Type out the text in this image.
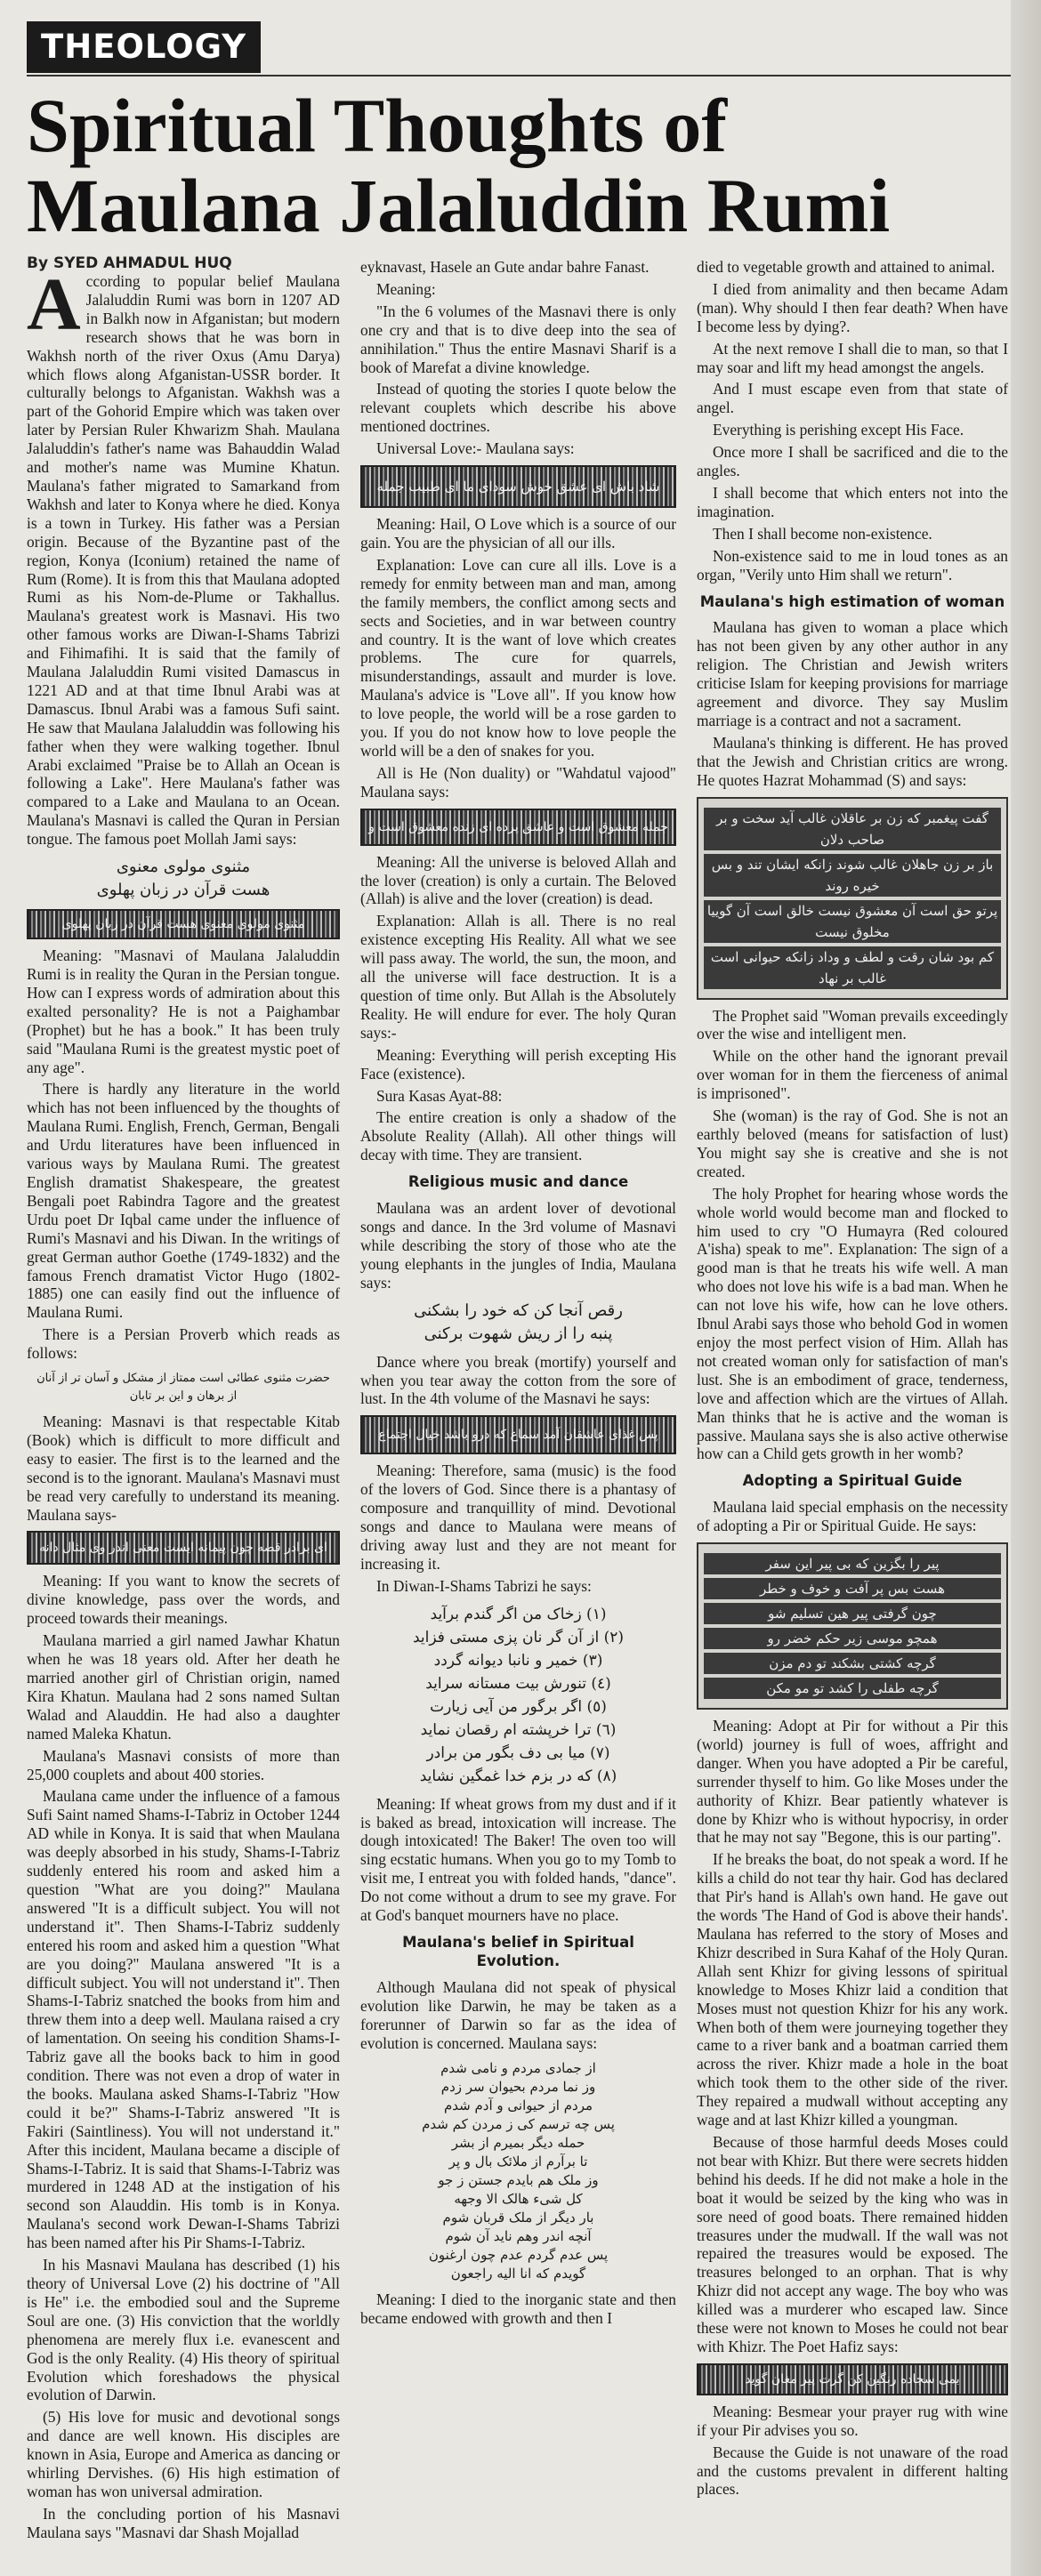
THEOLOGY
Spiritual Thoughts of Maulana Jalaluddin Rumi
By SYED AHMADUL HUQ

According to popular belief Maulana Jalaluddin Rumi was born in 1207 AD in Balkh now in Afganistan; but modern research shows that he was born in Wakhsh north of the river Oxus (Amu Darya) which flows along Afganistan-USSR border. It culturally belongs to Afganistan. Wakhsh was a part of the Gohorid Empire which was taken over later by Persian Ruler Khwarizm Shah. Maulana Jalaluddin's father's name was Bahauddin Walad and mother's name was Mumine Khatun. Maulana's father migrated to Samarkand from Wakhsh and later to Konya where he died. Konya is a town in Turkey. His father was a Persian origin. Because of the Byzantine past of the region, Konya (Iconium) retained the name of Rum (Rome). It is from this that Maulana adopted Rumi as his Nom-de-Plume or Takhallus. Maulana's greatest work is Masnavi. His two other famous works are Diwan-I-Shams Tabrizi and Fihimafihi. It is said that the family of Maulana Jalaluddin Rumi visited Damascus in 1221 AD and at that time Ibnul Arabi was at Damascus. Ibnul Arabi was a famous Sufi saint. He saw that Maulana Jalaluddin was following his father when they were walking together. Ibnul Arabi exclaimed "Praise be to Allah an Ocean is following a Lake". Here Maulana's father was compared to a Lake and Maulana to an Ocean. Maulana's Masnavi is called the Quran in Persian tongue. The famous poet Mollah Jami says:

مثنوی مولوی معنوی
هست قرآن در زبان پهلوی
مثنوی مولوی معنوی هست قرآن در زبان پهلوی

Meaning: "Masnavi of Maulana Jalaluddin Rumi is in reality the Quran in the Persian tongue. How can I express words of admiration about this exalted personality? He is not a Paighambar (Prophet) but he has a book." It has been truly said "Maulana Rumi is the greatest mystic poet of any age".

There is hardly any literature in the world which has not been influenced by the thoughts of Maulana Rumi. English, French, German, Bengali and Urdu literatures have been influenced in various ways by Maulana Rumi. The greatest English dramatist Shakespeare, the greatest Bengali poet Rabindra Tagore and the greatest Urdu poet Dr Iqbal came under the influence of Rumi's Masnavi and his Diwan. In the writings of great German author Goethe (1749-1832) and the famous French dramatist Victor Hugo (1802-1885) one can easily find out the influence of Maulana Rumi.

There is a Persian Proverb which reads as follows:

حضرت مثنوی عطائی است ممتاز از مشکل و آسان تر از آنان
از برهان و این بر تابان

Meaning: Masnavi is that respectable Kitab (Book) which is difficult to more difficult and easy to easier. The first is to the learned and the second is to the ignorant. Maulana's Masnavi must be read very carefully to understand its meaning. Maulana says-

ای برادر قصه چون پیمانه ایست معنی اندر وی مثال دانه

Meaning: If you want to know the secrets of divine knowledge, pass over the words, and proceed towards their meanings.

Maulana married a girl named Jawhar Khatun when he was 18 years old. After her death he married another girl of Christian origin, named Kira Khatun. Maulana had 2 sons named Sultan Walad and Alauddin. He had also a daughter named Maleka Khatun.

Maulana's Masnavi consists of more than 25,000 couplets and about 400 stories.

Maulana came under the influence of a famous Sufi Saint named Shams-I-Tabriz in October 1244 AD while in Konya. It is said that when Maulana was deeply absorbed in his study, Shams-I-Tabriz suddenly entered his room and asked him a question "What are you doing?" Maulana answered "It is a difficult subject. You will not understand it". Then Shams-I-Tabriz suddenly entered his room and asked him a question "What are you doing?" Maulana answered "It is a difficult subject. You will not understand it". Then Shams-I-Tabriz snatched the books from him and threw them into a deep well. Maulana raised a cry of lamentation. On seeing his condition Shams-I-Tabriz gave all the books back to him in good condition. There was not even a drop of water in the books. Maulana asked Shams-I-Tabriz "How could it be?" Shams-I-Tabriz answered "It is Fakiri (Saintliness). You will not understand it." After this incident, Maulana became a disciple of Shams-I-Tabriz. It is said that Shams-I-Tabriz was murdered in 1248 AD at the instigation of his second son Alauddin. His tomb is in Konya. Maulana's second work Dewan-I-Shams Tabrizi has been named after his Pir Shams-I-Tabriz.

In his Masnavi Maulana has described (1) his theory of Universal Love (2) his doctrine of "All is He" i.e. the embodied soul and the Supreme Soul are one. (3) His conviction that the worldly phenomena are merely flux i.e. evanescent and God is the only Reality. (4) His theory of spiritual Evolution which foreshadows the physical evolution of Darwin.

(5) His love for music and devotional songs and dance are well known. His disciples are known in Asia, Europe and America as dancing or whirling Dervishes. (6) His high estimation of woman has won universal admiration.

In the concluding portion of his Masnavi Maulana says "Masnavi dar Shash Mojallad

eyknavast, Hasele an Gute andar bahre Fanast.

Meaning:

"In the 6 volumes of the Masnavi there is only one cry and that is to dive deep into the sea of annihilation." Thus the entire Masnavi Sharif is a book of Marefat a divine knowledge.

Instead of quoting the stories I quote below the relevant couplets which describe his above mentioned doctrines.

Universal Love:- Maulana says:

شاد باش ای عشق خوش سودای ما ای طبیب جمله

Meaning: Hail, O Love which is a source of our gain. You are the physician of all our ills.

Explanation: Love can cure all ills. Love is a remedy for enmity between man and man, among the family members, the conflict among sects and sects and Societies, and in war between country and country. It is the want of love which creates problems. The cure for quarrels, misunderstandings, assault and murder is love. Maulana's advice is "Love all". If you know how to love people, the world will be a rose garden to you. If you do not know how to love people the world will be a den of snakes for you.

All is He (Non duality) or "Wahdatul vajood" Maulana says:

جمله معشوق است و عاشق پرده ای زنده معشوق است و

Meaning: All the universe is beloved Allah and the lover (creation) is only a curtain. The Beloved (Allah) is alive and the lover (creation) is dead.

Explanation: Allah is all. There is no real existence excepting His Reality. All what we see will pass away. The world, the sun, the moon, and all the universe will face destruction. It is a question of time only. But Allah is the Absolutely Reality. He will endure for ever. The holy Quran says:-

Meaning: Everything will perish excepting His Face (existence).

Sura Kasas Ayat-88:

The entire creation is only a shadow of the Absolute Reality (Allah). All other things will decay with time. They are transient.

Religious music and dance

Maulana was an ardent lover of devotional songs and dance. In the 3rd volume of Masnavi while describing the story of those who ate the young elephants in the jungles of India, Maulana says:

رقص آنجا کن که خود را بشکنی
پنبه را از ریش شهوت برکنی

Dance where you break (mortify) yourself and when you tear away the cotton from the sore of lust. In the 4th volume of the Masnavi he says:

پس غذای عاشقان آمد سماع که درو باشد خیال اجتماع

Meaning: Therefore, sama (music) is the food of the lovers of God. Since there is a phantasy of composure and tranquillity of mind. Devotional songs and dance to Maulana were means of driving away lust and they are not meant for increasing it.

In Diwan-I-Shams Tabrizi he says:

(١) زخاک من اگر گندم برآید
(٢) از آن گر نان پزی مستی فزاید
(٣) خمیر و نانبا دیوانه گردد
(٤) تنورش بیت مستانه سراید
(٥) اگر برگور من آیی زیارت
(٦) ترا خرپشته ام رقصان نماید
(٧) میا بی دف بگور من برادر
(٨) که در بزم خدا غمگین نشاید

Meaning: If wheat grows from my dust and if it is baked as bread, intoxication will increase. The dough intoxicated! The Baker! The oven too will sing ecstatic humans. When you go to my Tomb to visit me, I entreat you with folded hands, "dance". Do not come without a drum to see my grave. For at God's banquet mourners have no place.

Maulana's belief in Spiritual Evolution.

Although Maulana did not speak of physical evolution like Darwin, he may be taken as a forerunner of Darwin so far as the idea of evolution is concerned. Maulana says:

از جمادی مردم و نامی شدم
وز نما مردم بحیوان سر زدم
مردم از حیوانی و آدم شدم
پس چه ترسم کی ز مردن کم شدم
حمله دیگر بمیرم از بشر
تا برآرم از ملائک بال و پر
وز ملک هم بایدم جستن ز جو
کل شیء هالک الا وجهه
بار دیگر از ملک قربان شوم
آنچه اندر وهم ناید آن شوم
پس عدم گردم عدم چون ارغنون
گویدم که انا الیه راجعون

Meaning: I died to the inorganic state and then became endowed with growth and then I

died to vegetable growth and attained to animal.

I died from animality and then became Adam (man). Why should I then fear death? When have I become less by dying?.

At the next remove I shall die to man, so that I may soar and lift my head amongst the angels.

And I must escape even from that state of angel.

Everything is perishing except His Face.

Once more I shall be sacrificed and die to the angles.

I shall become that which enters not into the imagination.

Then I shall become non-existence.

Non-existence said to me in loud tones as an organ, "Verily unto Him shall we return".

Maulana's high estimation of woman

Maulana has given to woman a place which has not been given by any other author in any religion. The Christian and Jewish writers criticise Islam for keeping provisions for marriage agreement and divorce. They say Muslim marriage is a contract and not a sacrament.

Maulana's thinking is different. He has proved that the Jewish and Christian critics are wrong. He quotes Hazrat Mohammad (S) and says:

گفت پیغمبر که زن بر عاقلان غالب آید سخت و بر صاحب دلان
باز بر زن جاهلان غالب شوند زانکه ایشان تند و بس خیره روند
پرتو حق است آن معشوق نیست خالق است آن گوییا مخلوق نیست
کم بود شان رقت و لطف و وداد زانکه حیوانی است غالب بر نهاد

The Prophet said "Woman prevails exceedingly over the wise and intelligent men.

While on the other hand the ignorant prevail over woman for in them the fierceness of animal is imprisoned".

She (woman) is the ray of God. She is not an earthly beloved (means for satisfaction of lust) You might say she is creative and she is not created.

The holy Prophet for hearing whose words the whole world would become man and flocked to him used to cry "O Humayra (Red coloured A'isha) speak to me". Explanation: The sign of a good man is that he treats his wife well. A man who does not love his wife is a bad man. When he can not love his wife, how can he love others. Ibnul Arabi says those who behold God in women enjoy the most perfect vision of Him. Allah has not created woman only for satisfaction of man's lust. She is an embodiment of grace, tenderness, love and affection which are the virtues of Allah. Man thinks that he is active and the woman is passive. Maulana says she is also active otherwise how can a Child gets growth in her womb?

Adopting a Spiritual Guide

Maulana laid special emphasis on the necessity of adopting a Pir or Spiritual Guide. He says:

پیر را بگزین که بی پیر این سفر
هست بس پر آفت و خوف و خطر
چون گرفتی پیر هین تسلیم شو
همچو موسی زیر حکم خضر رو
گرچه کشتی بشکند تو دم مزن
گرچه طفلی را کشد تو مو مکن

Meaning: Adopt at Pir for without a Pir this (world) journey is full of woes, affright and danger. When you have adopted a Pir be careful, surrender thyself to him. Go like Moses under the authority of Khizr. Bear patiently whatever is done by Khizr who is without hypocrisy, in order that he may not say "Begone, this is our parting".

If he breaks the boat, do not speak a word. If he kills a child do not tear thy hair. God has declared that Pir's hand is Allah's own hand. He gave out the words 'The Hand of God is above their hands'. Maulana has referred to the story of Moses and Khizr described in Sura Kahaf of the Holy Quran. Allah sent Khizr for giving lessons of spiritual knowledge to Moses Khizr laid a condition that Moses must not question Khizr for his any work. When both of them were journeying together they came to a river bank and a boatman carried them across the river. Khizr made a hole in the boat which took them to the other side of the river. They repaired a mudwall without accepting any wage and at last Khizr killed a youngman.

Because of those harmful deeds Moses could not bear with Khizr. But there were secrets hidden behind his deeds. If he did not make a hole in the boat it would be seized by the king who was in sore need of good boats. There remained hidden treasures under the mudwall. If the wall was not repaired the treasures would be exposed. The treasures belonged to an orphan. That is why Khizr did not accept any wage. The boy who was killed was a murderer who escaped law. Since these were not known to Moses he could not bear with Khizr. The Poet Hafiz says:

بمی سجاده رنگین کن گرت پیر مغان گوید

Meaning: Besmear your prayer rug with wine if your Pir advises you so.

Because the Guide is not unaware of the road and the customs prevalent in different halting places.
